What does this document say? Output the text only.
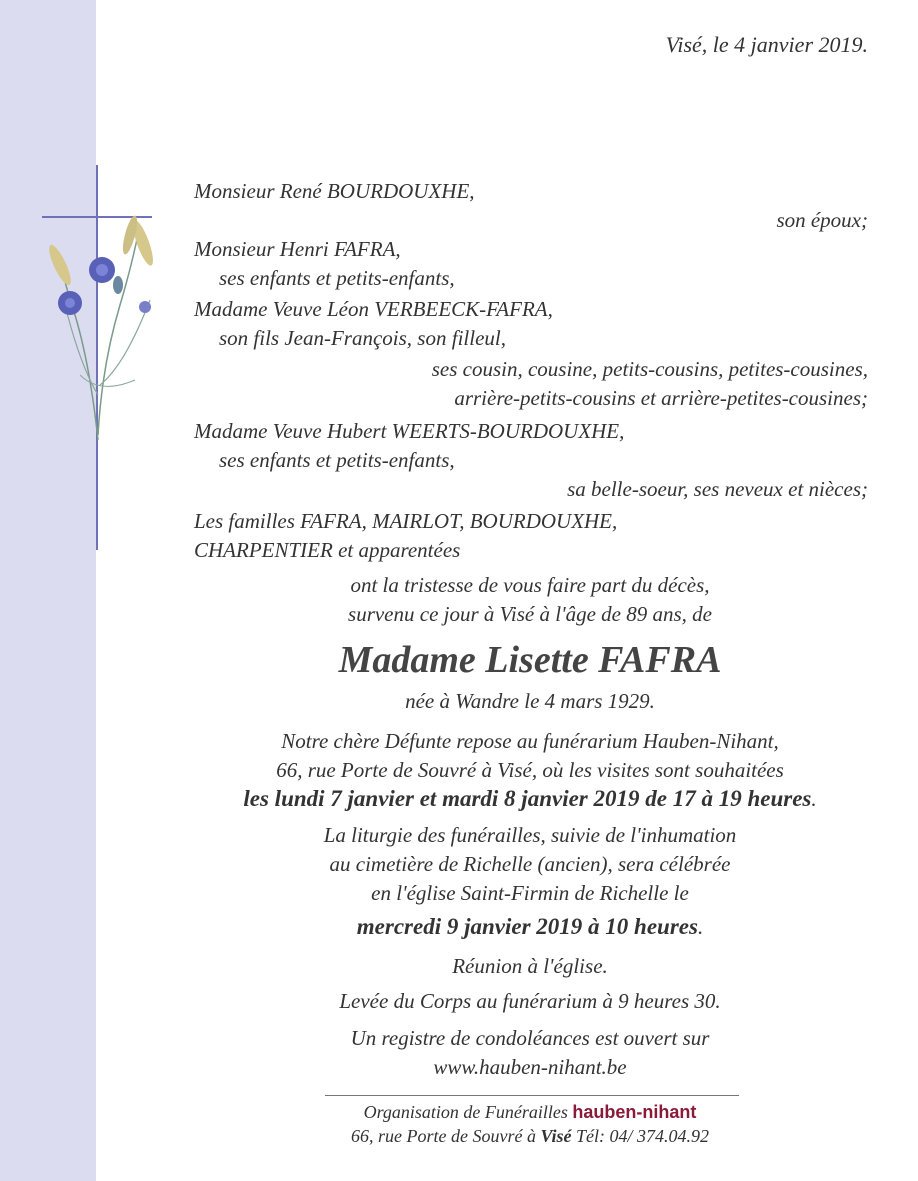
Visé, le 4 janvier 2019.
Monsieur René BOURDOUXHE,
son époux;
Monsieur Henri FAFRA,
ses enfants et petits-enfants,
Madame Veuve Léon VERBEECK-FAFRA,
son fils Jean-François, son filleul,
ses cousin, cousine, petits-cousins, petites-cousines,
arrière-petits-cousins et arrière-petites-cousines;
Madame Veuve Hubert WEERTS-BOURDOUXHE,
ses enfants et petits-enfants,
sa belle-soeur, ses neveux et nièces;
Les familles FAFRA, MAIRLOT, BOURDOUXHE,
CHARPENTIER et apparentées
ont la tristesse de vous faire part du décès,
survenu ce jour à Visé à l'âge de 89 ans, de
Madame Lisette FAFRA
née à Wandre le 4 mars 1929.
Notre chère Défunte repose au funérarium Hauben-Nihant,
66, rue Porte de Souvré à Visé, où les visites sont souhaitées
les lundi 7 janvier et mardi 8 janvier 2019 de 17 à 19 heures.
La liturgie des funérailles, suivie de l'inhumation
au cimetière de Richelle (ancien), sera célébrée
en l'église Saint-Firmin de Richelle le
mercredi 9 janvier 2019 à 10 heures.
Réunion à l'église.
Levée du Corps au funérarium à 9 heures 30.
Un registre de condoléances est ouvert sur
www.hauben-nihant.be
Organisation de Funérailles hauben-nihant
66, rue Porte de Souvré à Visé Tél: 04/ 374.04.92
